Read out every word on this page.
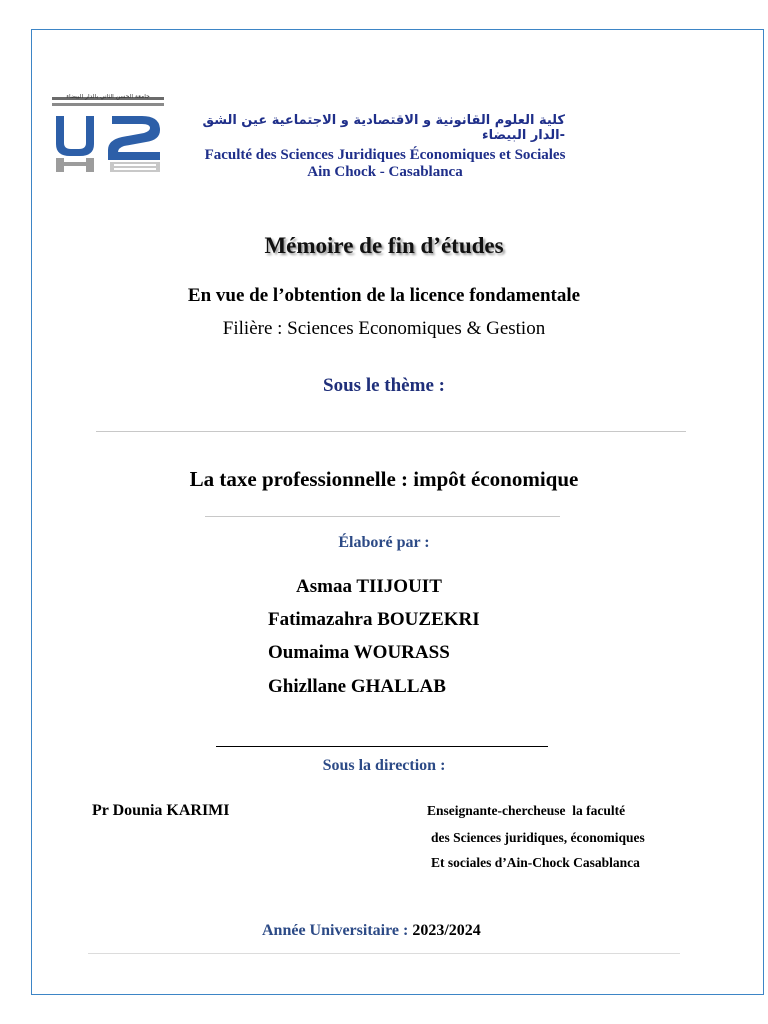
جامعة الحسن الثاني بالدار البيضاء
كلية العلوم القانونية و الاقتصادية و الاجتماعية عين الشق -الدار البيضاء
Faculté des Sciences Juridiques Économiques et Sociales
Ain Chock - Casablanca
Mémoire de fin d’études
En vue de l’obtention de la licence fondamentale
Filière : Sciences Economiques & Gestion
Sous le thème :
La taxe professionnelle : impôt économique
Élaboré par :
Asmaa TIIJOUIT
Fatimazahra BOUZEKRI
Oumaima WOURASS
Ghizllane GHALLAB
Sous la direction :
Pr Dounia KARIMI	Enseignante-chercheuse  la faculté
des Sciences juridiques, économiques
Et sociales d’Ain-Chock Casablanca
Année Universitaire : 2023/2024
